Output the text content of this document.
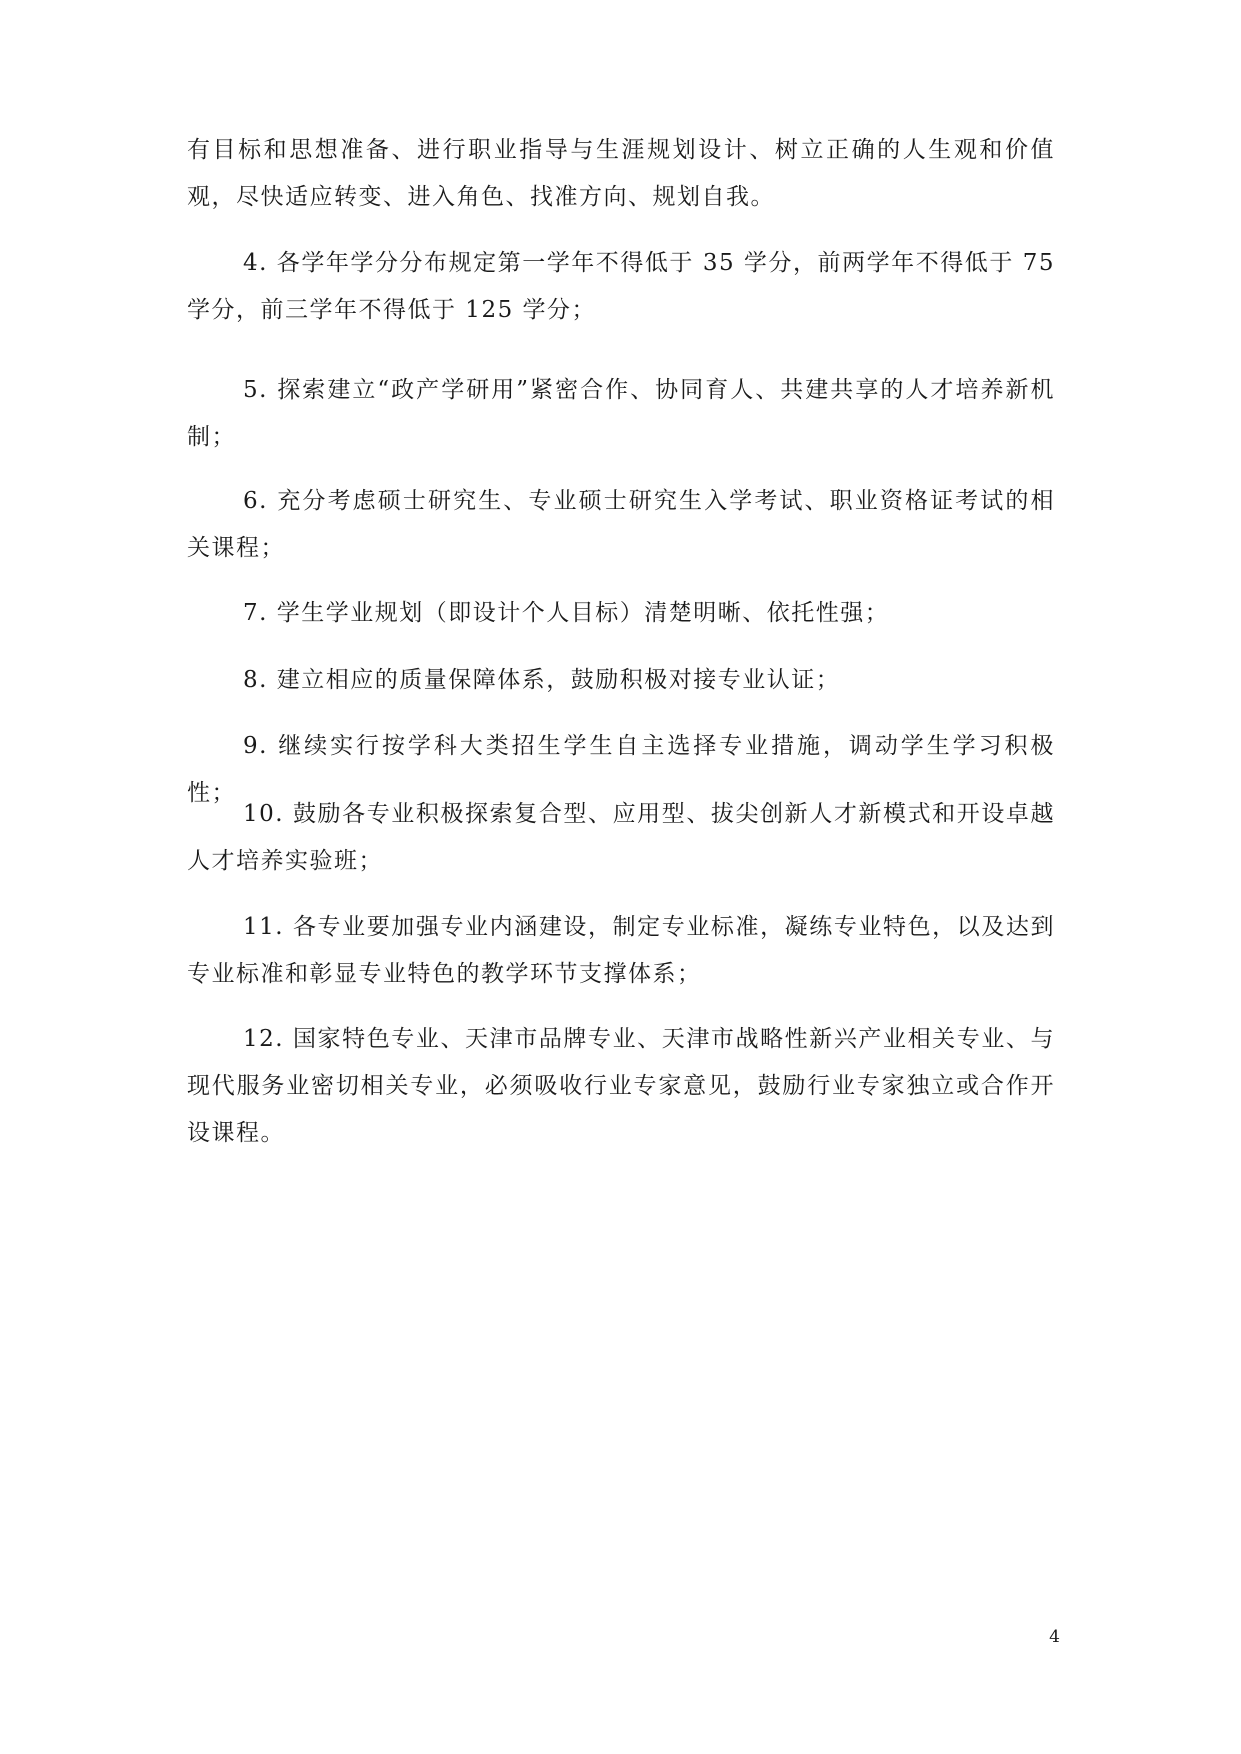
有目标和思想准备、进行职业指导与生涯规划设计、树立正确的人生观和价值观，尽快适应转变、进入角色、找准方向、规划自我。

4. 各学年学分分布规定第一学年不得低于 35 学分，前两学年不得低于 75 学分，前三学年不得低于 125 学分；

5. 探索建立“政产学研用”紧密合作、协同育人、共建共享的人才培养新机制；

6. 充分考虑硕士研究生、专业硕士研究生入学考试、职业资格证考试的相关课程；

7. 学生学业规划（即设计个人目标）清楚明晰、依托性强；

8. 建立相应的质量保障体系，鼓励积极对接专业认证；

9. 继续实行按学科大类招生学生自主选择专业措施，调动学生学习积极性；

10. 鼓励各专业积极探索复合型、应用型、拔尖创新人才新模式和开设卓越人才培养实验班；

11. 各专业要加强专业内涵建设，制定专业标准，凝练专业特色，以及达到专业标准和彰显专业特色的教学环节支撑体系；

12. 国家特色专业、天津市品牌专业、天津市战略性新兴产业相关专业、与现代服务业密切相关专业，必须吸收行业专家意见，鼓励行业专家独立或合作开设课程。

4
